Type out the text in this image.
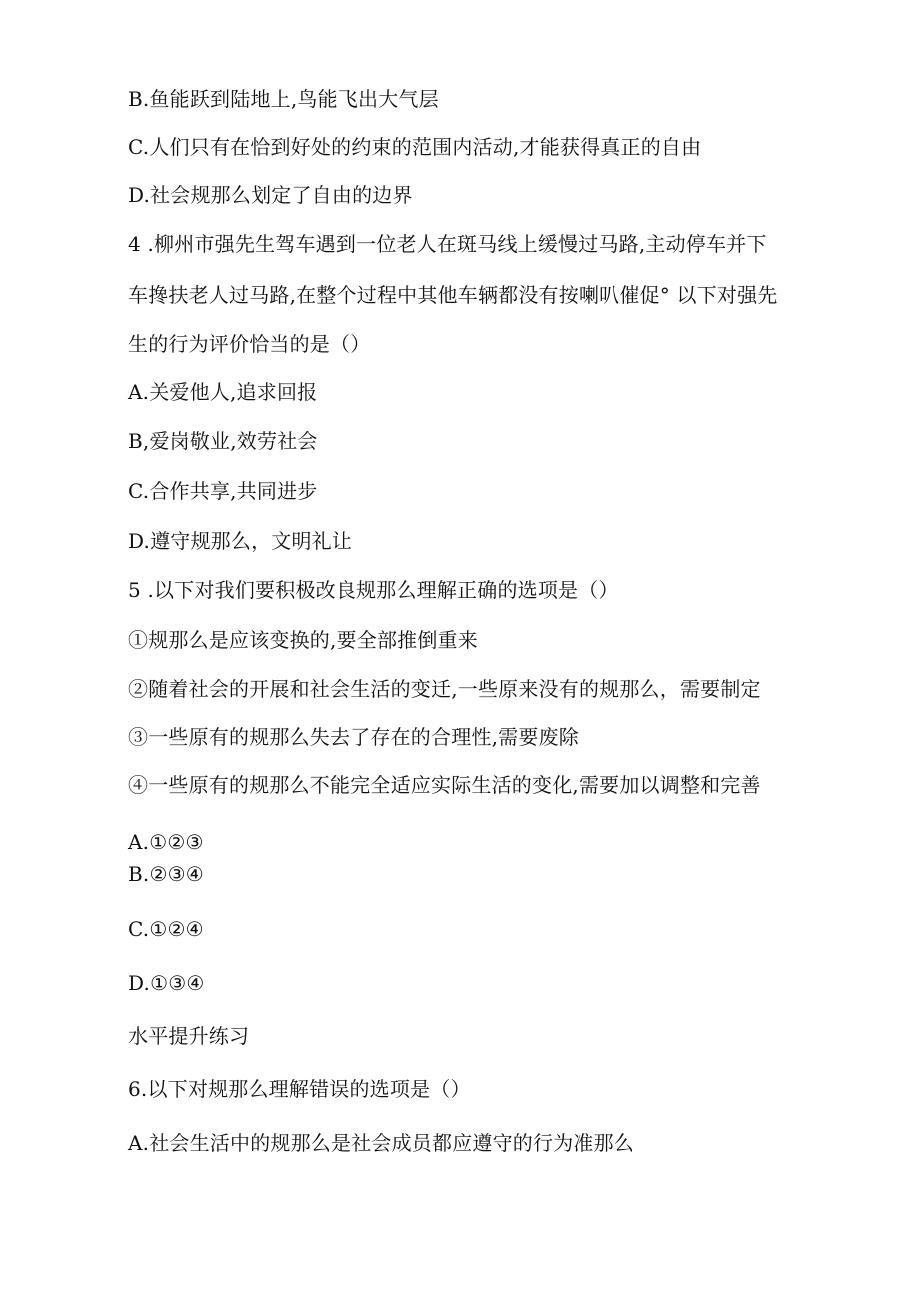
B.鱼能跃到陆地上,鸟能飞出大气层
C.人们只有在恰到好处的约束的范围内活动,才能获得真正的自由
D.社会规那么划定了自由的边界
4 .柳州市强先生驾车遇到一位老人在斑马线上缓慢过马路,主动停车并下
车搀扶老人过马路,在整个过程中其他车辆都没有按喇叭催促° 以下对强先
生的行为评价恰当的是（）
A.关爱他人,追求回报
B,爱岗敬业,效劳社会
C.合作共享,共同进步
D.遵守规那么，文明礼让
5 .以下对我们要积极改良规那么理解正确的选项是（）
①规那么是应该变换的,要全部推倒重来
②随着社会的开展和社会生活的变迁,一些原来没有的规那么，需要制定
③一些原有的规那么失去了存在的合理性,需要废除
④一些原有的规那么不能完全适应实际生活的变化,需要加以调整和完善
A.①②③
B.②③④
C.①②④
D.①③④
水平提升练习
6.以下对规那么理解错误的选项是（）
A.社会生活中的规那么是社会成员都应遵守的行为准那么
